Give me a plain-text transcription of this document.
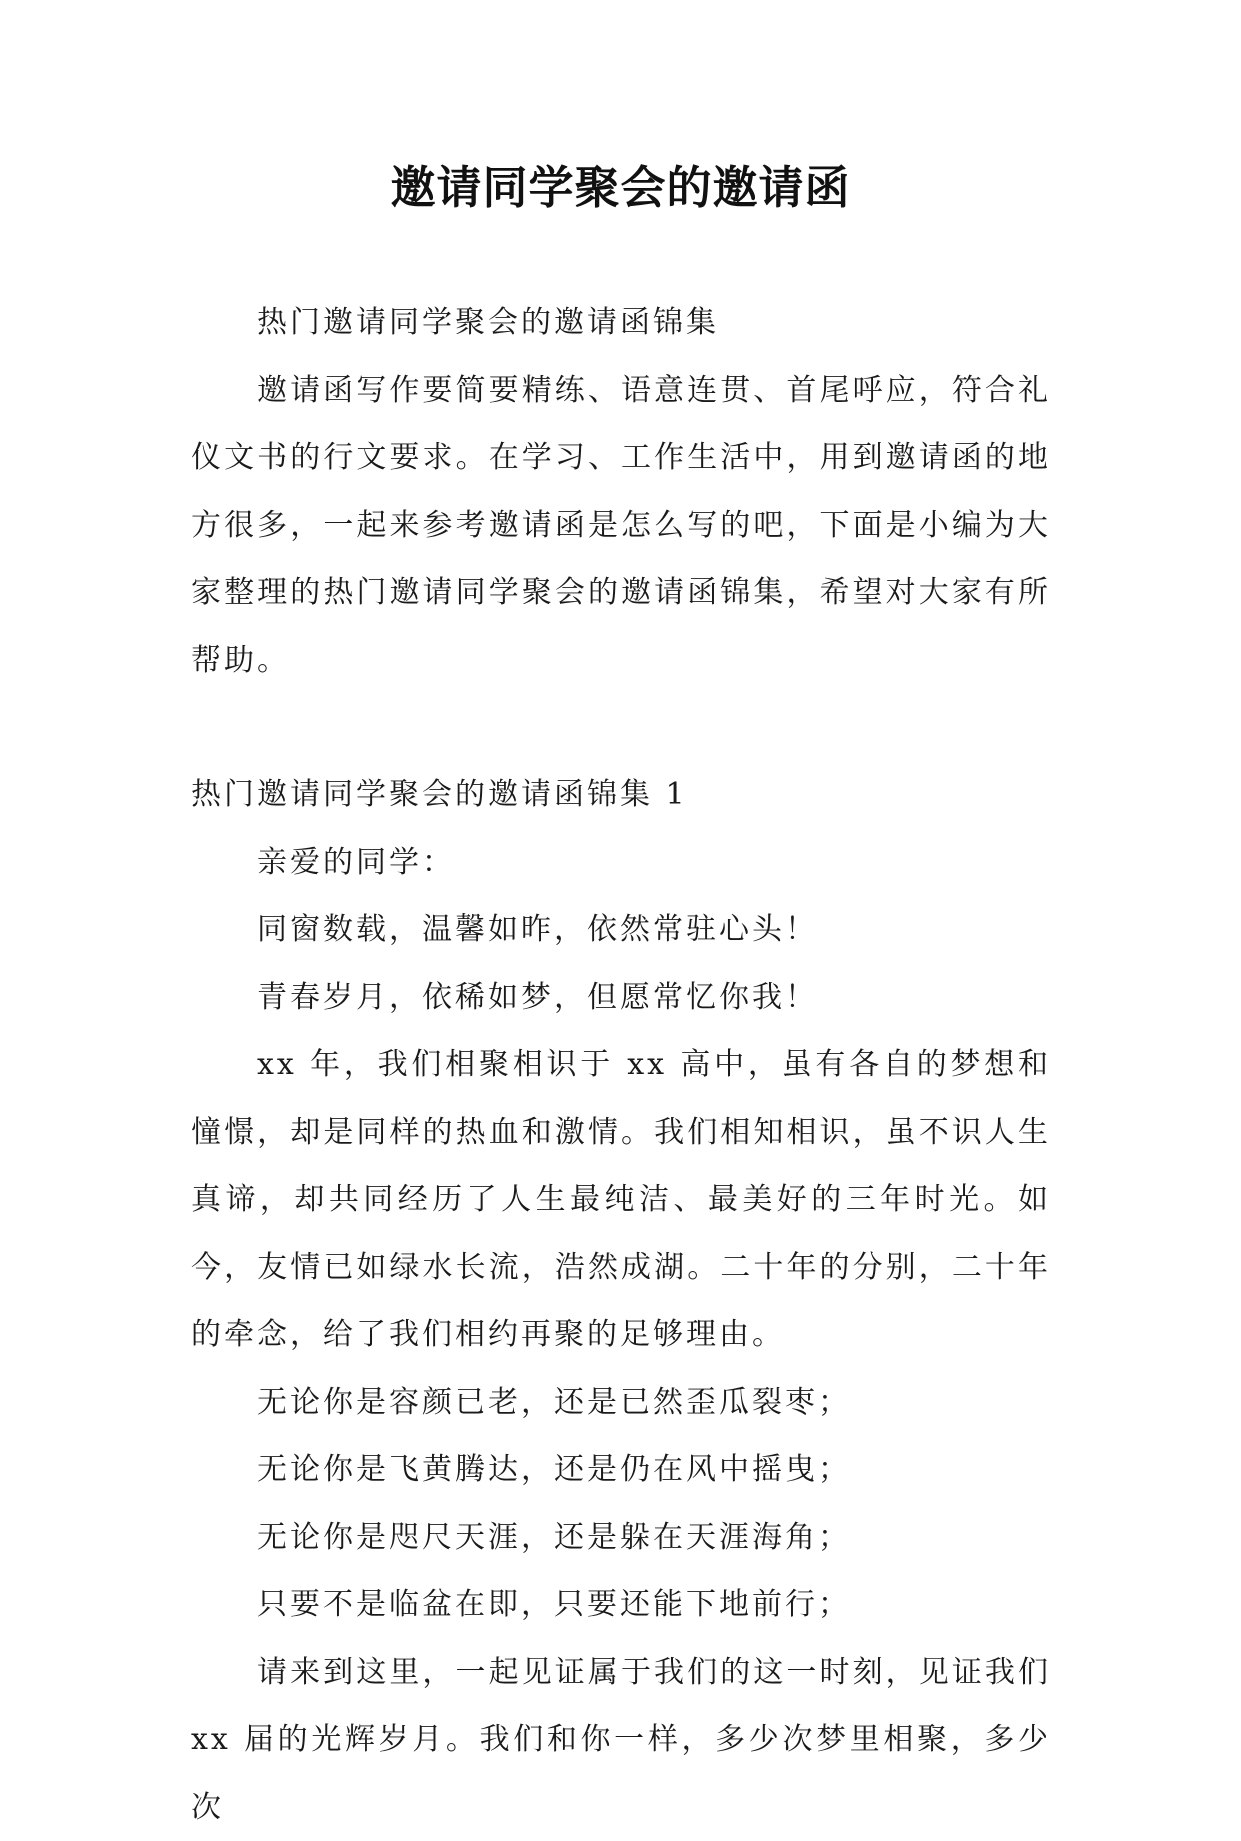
邀请同学聚会的邀请函

热门邀请同学聚会的邀请函锦集

邀请函写作要简要精练、语意连贯、首尾呼应，符合礼仪文书的行文要求。在学习、工作生活中，用到邀请函的地方很多，一起来参考邀请函是怎么写的吧，下面是小编为大家整理的热门邀请同学聚会的邀请函锦集，希望对大家有所帮助。

热门邀请同学聚会的邀请函锦集 1

亲爱的同学：

同窗数载，温馨如昨，依然常驻心头！

青春岁月，依稀如梦，但愿常忆你我！

xx 年，我们相聚相识于 xx 高中，虽有各自的梦想和憧憬，却是同样的热血和激情。我们相知相识，虽不识人生真谛，却共同经历了人生最纯洁、最美好的三年时光。如今，友情已如绿水长流，浩然成湖。二十年的分别，二十年的牵念，给了我们相约再聚的足够理由。

无论你是容颜已老，还是已然歪瓜裂枣；

无论你是飞黄腾达，还是仍在风中摇曳；

无论你是咫尺天涯，还是躲在天涯海角；

只要不是临盆在即，只要还能下地前行；

请来到这里，一起见证属于我们的这一时刻，见证我们 xx 届的光辉岁月。我们和你一样，多少次梦里相聚，多少次
